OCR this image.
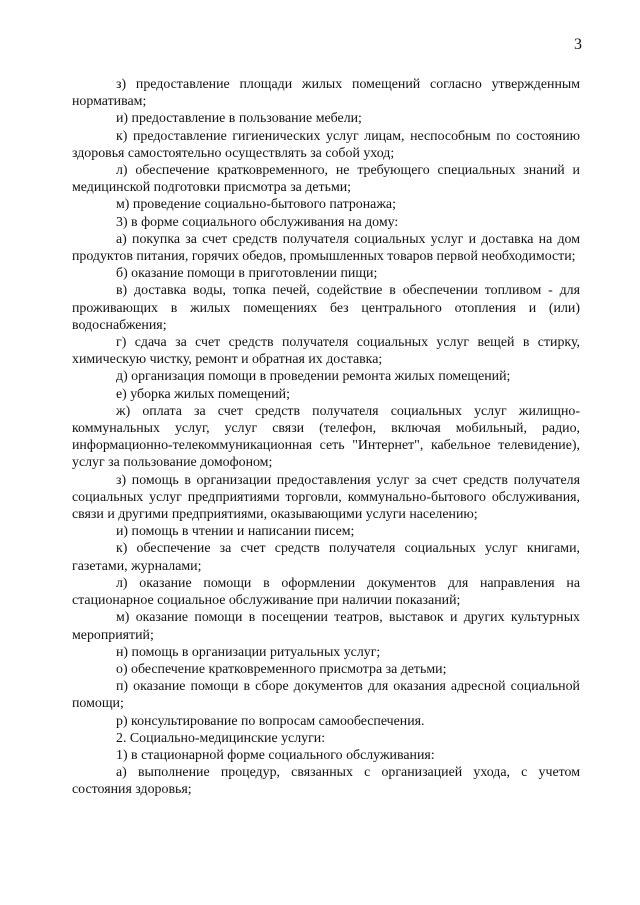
3

з) предоставление площади жилых помещений согласно утвержденным нормативам;

и) предоставление в пользование мебели;

к) предоставление гигиенических услуг лицам, неспособным по состоянию здоровья самостоятельно осуществлять за собой уход;

л) обеспечение кратковременного, не требующего специальных знаний и медицинской подготовки присмотра за детьми;

м) проведение социально-бытового патронажа;

3) в форме социального обслуживания на дому:

а) покупка за счет средств получателя социальных услуг и доставка на дом продуктов питания, горячих обедов, промышленных товаров первой необходимости;

б) оказание помощи в приготовлении пищи;

в) доставка воды, топка печей, содействие в обеспечении топливом - для проживающих в жилых помещениях без центрального отопления и (или) водоснабжения;

г) сдача за счет средств получателя социальных услуг вещей в стирку, химическую чистку, ремонт и обратная их доставка;

д) организация помощи в проведении ремонта жилых помещений;

е) уборка жилых помещений;

ж) оплата за счет средств получателя социальных услуг жилищно-коммунальных услуг, услуг связи (телефон, включая мобильный, радио, информационно-телекоммуникационная сеть "Интернет", кабельное телевидение), услуг за пользование домофоном;

з) помощь в организации предоставления услуг за счет средств получателя социальных услуг предприятиями торговли, коммунально-бытового обслуживания, связи и другими предприятиями, оказывающими услуги населению;

и) помощь в чтении и написании писем;

к) обеспечение за счет средств получателя социальных услуг книгами, газетами, журналами;

л) оказание помощи в оформлении документов для направления на стационарное социальное обслуживание при наличии показаний;

м) оказание помощи в посещении театров, выставок и других культурных мероприятий;

н) помощь в организации ритуальных услуг;

о) обеспечение кратковременного присмотра за детьми;

п) оказание помощи в сборе документов для оказания адресной социальной помощи;

р) консультирование по вопросам самообеспечения.

2. Социально-медицинские услуги:

1) в стационарной форме социального обслуживания:

а) выполнение процедур, связанных с организацией ухода, с учетом состояния здоровья;
